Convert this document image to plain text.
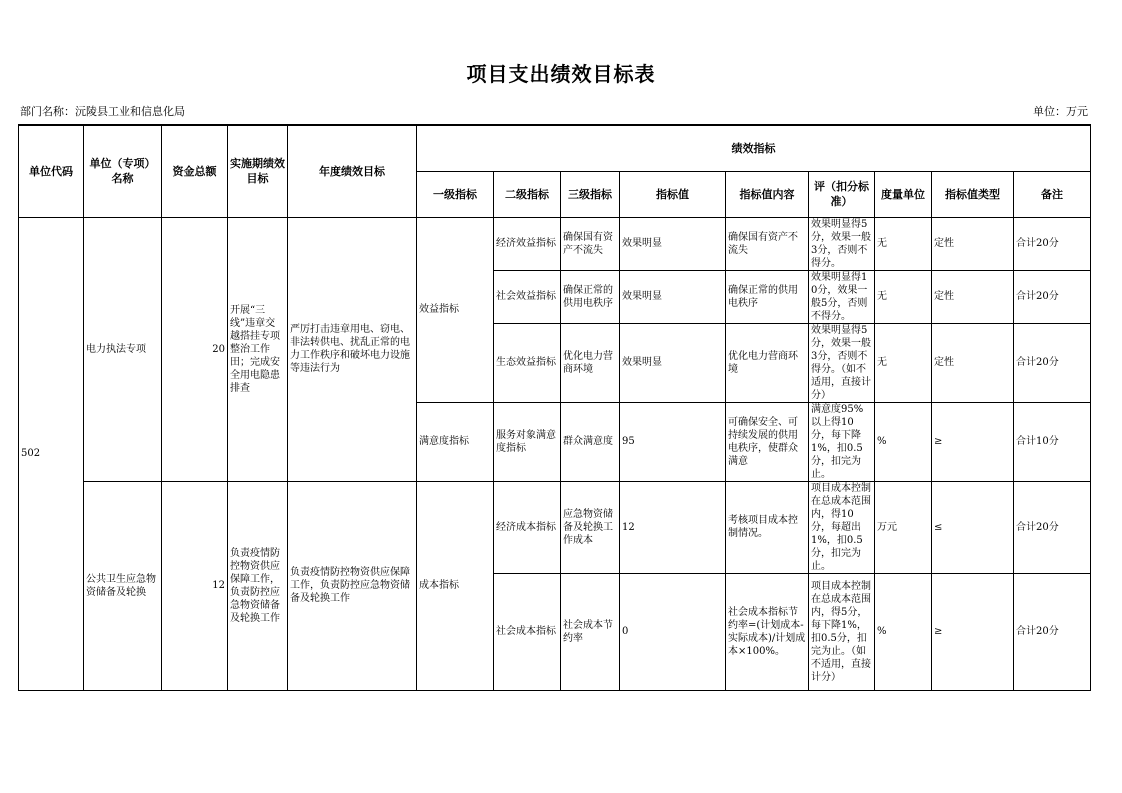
项目支出绩效目标表
部门名称：沅陵县工业和信息化局	单位：万元
单位代码	单位（专项）名称	资金总额	实施期绩效目标	年度绩效目标	绩效指标								
					一级指标	二级指标	三级指标	指标值	指标值内容	评（扣分标准）	度量单位	指标值类型	备注
502	电力执法专项	20	开展“三线”违章交越搭挂专项整治工作田；完成安全用电隐患排查	严厉打击违章用电、窃电、非法转供电、扰乱正常的电力工作秩序和破坏电力设施等违法行为	效益指标	经济效益指标	确保国有资产不流失	效果明显	确保国有资产不流失	效果明显得5分，效果一般3分，否则不得分。	无	定性	合计20分
						社会效益指标	确保正常的供用电秩序	效果明显	确保正常的供用电秩序	效果明显得10分，效果一般5分，否则不得分。	无	定性	合计20分
						生态效益指标	优化电力营商环境	效果明显	优化电力营商环境	效果明显得5分，效果一般3分，否则不得分。（如不适用，直接计分）	无	定性	合计20分
					满意度指标	服务对象满意度指标	群众满意度	95	可确保安全、可持续发展的供用电秩序，使群众满意	满意度95%以上得10分，每下降1%，扣0.5分，扣完为止。	%	≥	合计10分
	公共卫生应急物资储备及轮换	12	负责疫情防控物资供应保障工作，负责防控应急物资储备及轮换工作	负责疫情防控物资供应保障工作，负责防控应急物资储备及轮换工作	成本指标	经济成本指标	应急物资储备及轮换工作成本	12	考核项目成本控制情况。	项目成本控制在总成本范围内，得10分，每超出1%，扣0.5分，扣完为止。	万元	≤	合计20分
						社会成本指标	社会成本节约率	0	社会成本指标节约率=(计划成本-实际成本)/计划成本×100%。	项目成本控制在总成本范围内，得5分，每下降1%，扣0.5分，扣完为止。（如不适用，直接计分）	%	≥	合计20分
